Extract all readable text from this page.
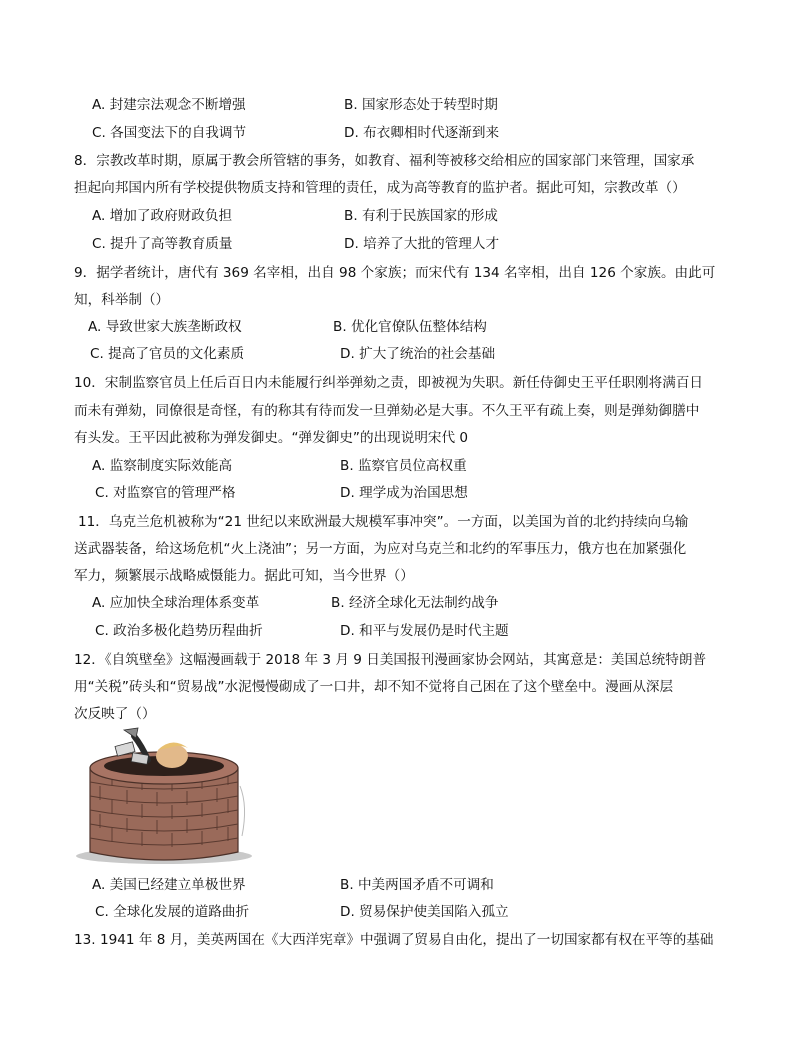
A. 封建宗法观念不断增强	B. 国家形态处于转型时期
C. 各国变法下的自我调节	D. 布衣卿相时代逐渐到来
8．宗教改革时期，原属于教会所管辖的事务，如教育、福利等被移交给相应的国家部门来管理，国家承
担起向邦国内所有学校提供物质支持和管理的责任，成为高等教育的监护者。据此可知，宗教改革（）
A. 增加了政府财政负担	B. 有利于民族国家的形成
C. 提升了高等教育质量	D. 培养了大批的管理人才
9．据学者统计，唐代有 369 名宰相，出自 98 个家族；而宋代有 134 名宰相，出自 126 个家族。由此可
知，科举制（）
A. 导致世家大族垄断政权	B. 优化官僚队伍整体结构
C. 提高了官员的文化素质	D. 扩大了统治的社会基础
10．宋制监察官员上任后百日内未能履行纠举弹劾之责，即被视为失职。新任侍御史王平任职刚将满百日
而未有弹劾，同僚很是奇怪，有的称其有待而发一旦弹劾必是大事。不久王平有疏上奏，则是弹劾御膳中
有头发。王平因此被称为弹发御史。“弹发御史”的出现说明宋代 0
A. 监察制度实际效能高	B. 监察官员位高权重
C. 对监察官的管理严格	D. 理学成为治国思想
11．乌克兰危机被称为“21 世纪以来欧洲最大规模军事冲突”。一方面，以美国为首的北约持续向乌输
送武器装备，给这场危机“火上浇油”；另一方面，为应对乌克兰和北约的军事压力，俄方也在加紧强化
军力，频繁展示战略威慑能力。据此可知，当今世界（）
A. 应加快全球治理体系变革	B. 经济全球化无法制约战争
C. 政治多极化趋势历程曲折	D. 和平与发展仍是时代主题
12．《自筑壁垒》这幅漫画载于 2018 年 3 月 9 日美国报刊漫画家协会网站，其寓意是：美国总统特朗普
用“关税”砖头和“贸易战”水泥慢慢砌成了一口井，却不知不觉将自己困在了这个壁垒中。漫画从深层
次反映了（）
A. 美国已经建立单极世界	B. 中美两国矛盾不可调和
C. 全球化发展的道路曲折	D. 贸易保护使美国陷入孤立
13. 1941 年 8 月，美英两国在《大西洋宪章》中强调了贸易自由化，提出了一切国家都有权在平等的基础
